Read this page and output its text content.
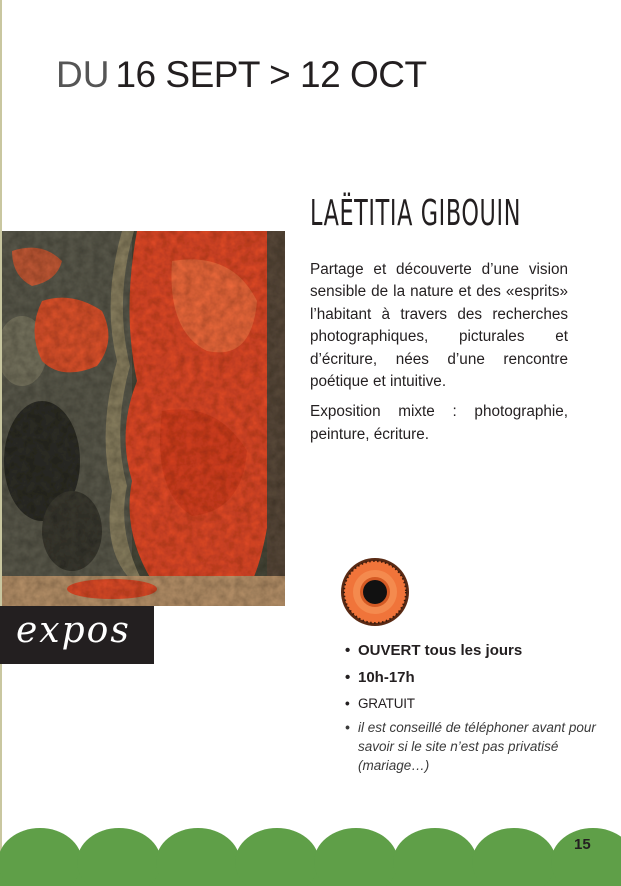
DU 16 SEPT > 12 OCT
LAËTITIA GIBOUIN

Partage et découverte d’une vision sensible de la nature et des «esprits» l’habitant à travers des recherches photographiques, picturales et d’écriture, nées d’une rencontre poétique et intuitive.

Exposition mixte : photographie, peinture, écriture.

expos
•	OUVERT tous les jours
• 10h-17h
• GRATUIT
• il est conseillé de téléphoner avant pour savoir si le site n’est pas privatisé (mariage…)
15
